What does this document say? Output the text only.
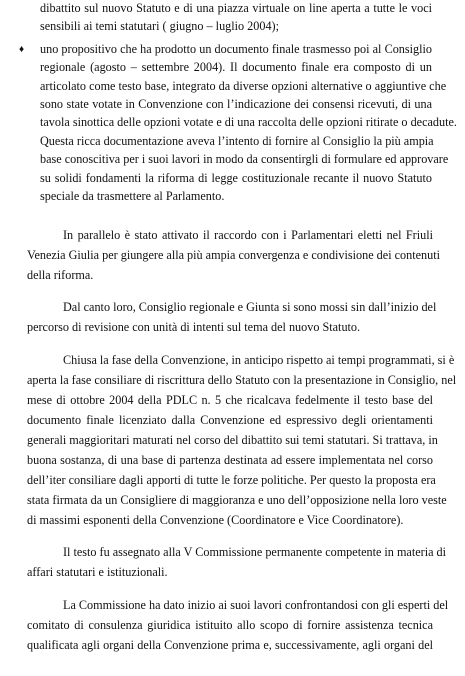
dibattito sul nuovo Statuto e di una piazza virtuale on line aperta a tutte le voci
sensibili ai temi statutari ( giugno – luglio 2004);
♦ uno propositivo che ha prodotto un documento finale trasmesso poi al Consiglio
regionale (agosto – settembre 2004). Il documento finale era composto di un
articolato come testo base, integrato da diverse opzioni alternative o aggiuntive che
sono state votate in Convenzione con l’indicazione dei consensi ricevuti, di una
tavola sinottica delle opzioni votate e di una raccolta delle opzioni ritirate o decadute.
Questa ricca documentazione aveva l’intento di fornire al Consiglio la più ampia
base conoscitiva per i suoi lavori in modo da consentirgli di formulare ed approvare
su solidi fondamenti la riforma di legge costituzionale recante il nuovo Statuto
speciale da trasmettere al Parlamento.
In parallelo è stato attivato il raccordo con i Parlamentari eletti nel Friuli
Venezia Giulia per giungere alla più ampia convergenza e condivisione dei contenuti
della riforma.
Dal canto loro, Consiglio regionale e Giunta si sono mossi sin dall’inizio del
percorso di revisione con unità di intenti sul tema del nuovo Statuto.
Chiusa la fase della Convenzione, in anticipo rispetto ai tempi programmati, si è
aperta la fase consiliare di riscrittura dello Statuto con la presentazione in Consiglio, nel
mese di ottobre 2004 della PDLC n. 5 che ricalcava fedelmente il testo base del
documento finale licenziato dalla Convenzione ed espressivo degli orientamenti
generali maggioritari maturati nel corso del dibattito sui temi statutari. Si trattava, in
buona sostanza, di una base di partenza destinata ad essere implementata nel corso
dell’iter consiliare dagli apporti di tutte le forze politiche. Per questo la proposta era
stata firmata da un Consigliere di maggioranza e uno dell’opposizione nella loro veste
di massimi esponenti della Convenzione (Coordinatore e Vice Coordinatore).
Il testo fu assegnato alla V Commissione permanente competente in materia di
affari statutari e istituzionali.
La Commissione ha dato inizio ai suoi lavori confrontandosi con gli esperti del
comitato di consulenza giuridica istituito allo scopo di fornire assistenza tecnica
qualificata agli organi della Convenzione prima e, successivamente, agli organi del
